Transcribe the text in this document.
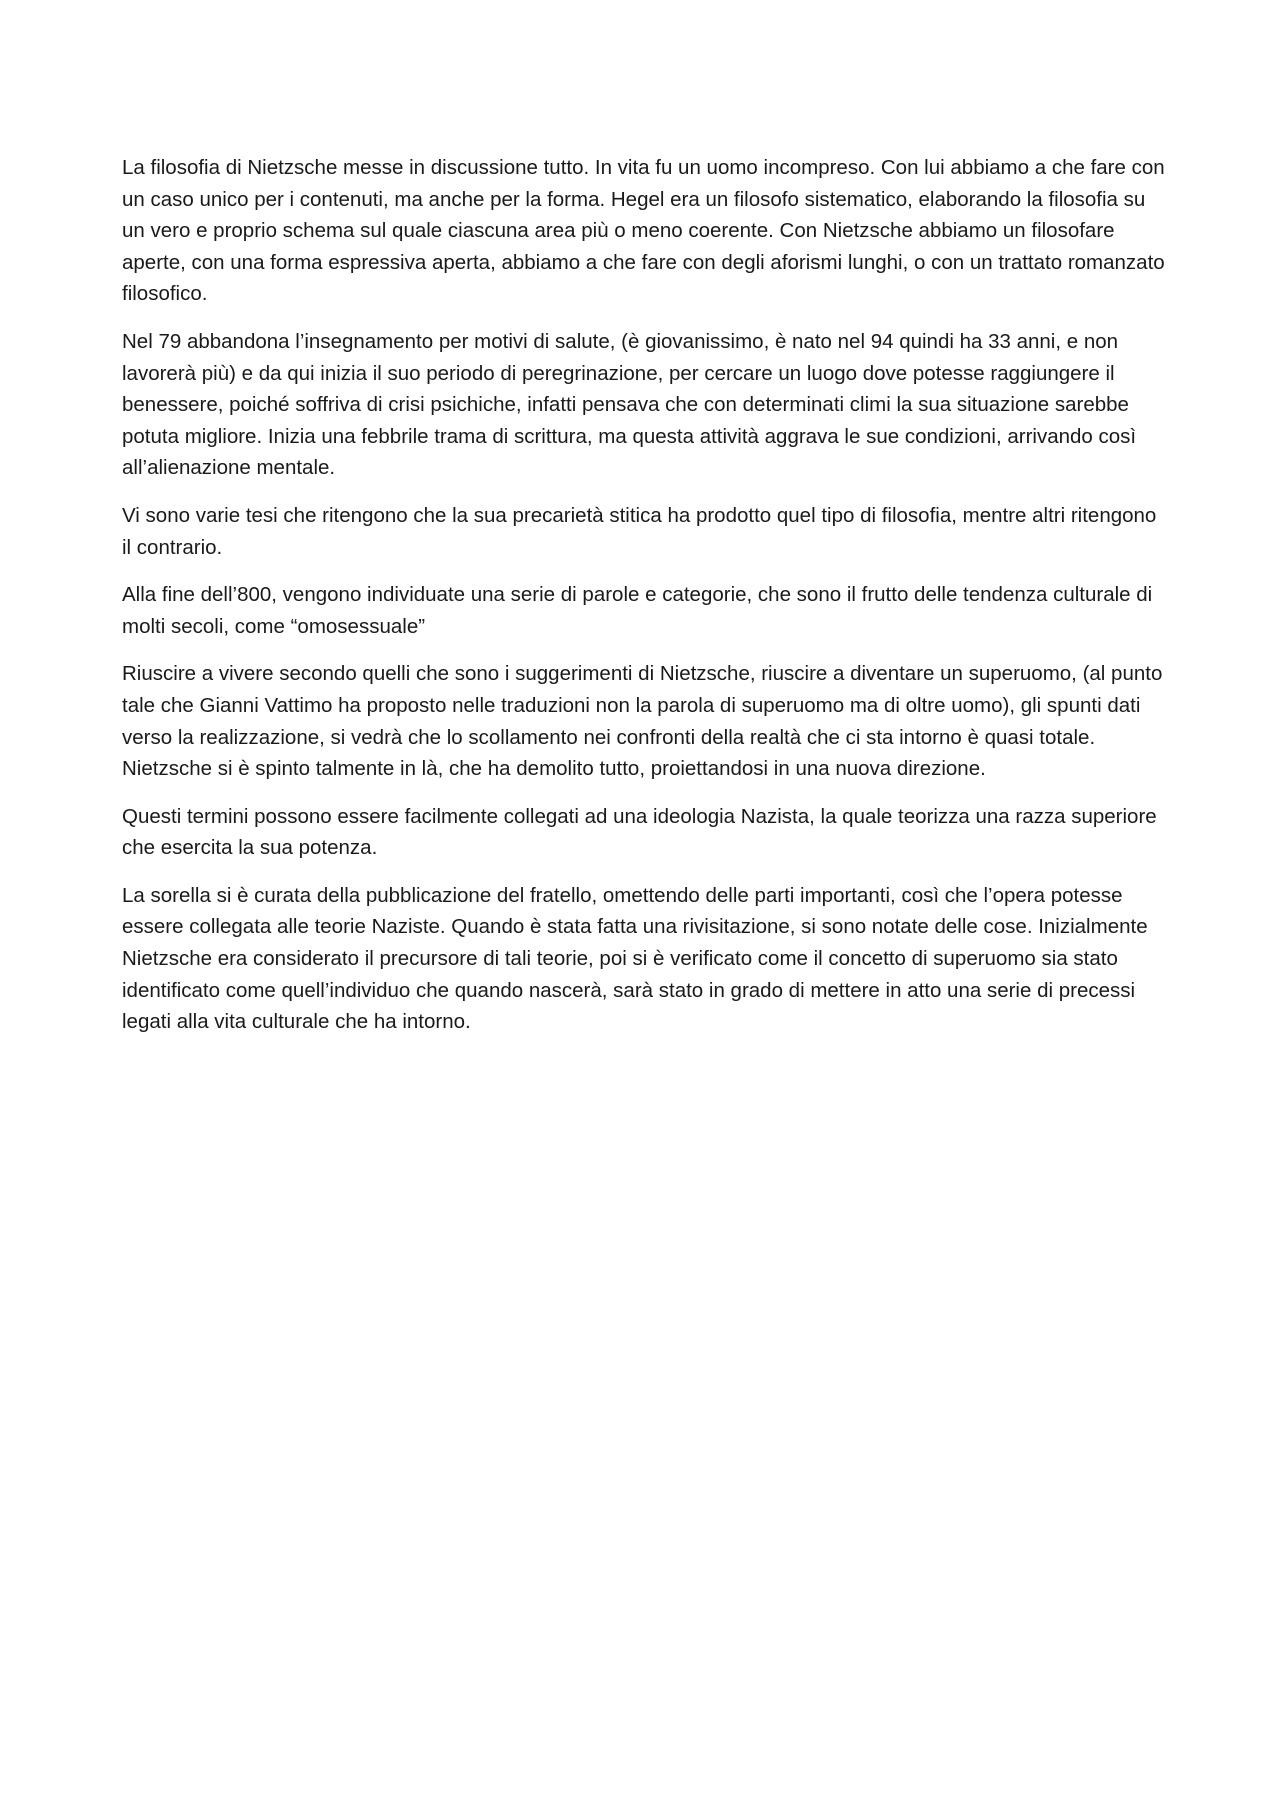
La filosofia di Nietzsche messe in discussione tutto. In vita fu un uomo incompreso. Con lui abbiamo a che fare con un caso unico per i contenuti, ma anche per la forma. Hegel era un filosofo sistematico, elaborando la filosofia su un vero e proprio schema sul quale ciascuna area più o meno coerente. Con Nietzsche abbiamo un filosofare aperte, con una forma espressiva aperta, abbiamo a che fare con degli aforismi lunghi, o con un trattato romanzato filosofico.

Nel 79 abbandona l’insegnamento per motivi di salute, (è giovanissimo, è nato nel 94 quindi ha 33 anni, e non lavorerà più) e da qui inizia il suo periodo di peregrinazione, per cercare un luogo dove potesse raggiungere il benessere, poiché soffriva di crisi psichiche, infatti pensava che con determinati climi la sua situazione sarebbe potuta migliore. Inizia una febbrile trama di scrittura, ma questa attività aggrava le sue condizioni, arrivando così all’alienazione mentale.

Vi sono varie tesi che ritengono che la sua precarietà stitica ha prodotto quel tipo di filosofia, mentre altri ritengono il contrario.

Alla fine dell’800, vengono individuate una serie di parole e categorie, che sono il frutto delle tendenza culturale di molti secoli, come “omosessuale”

Riuscire a vivere secondo quelli che sono i suggerimenti di Nietzsche, riuscire a diventare un superuomo, (al punto tale che Gianni Vattimo ha proposto nelle traduzioni non la parola di superuomo ma di oltre uomo), gli spunti dati verso la realizzazione, si vedrà che lo scollamento nei confronti della realtà che ci sta intorno è quasi totale. Nietzsche si è spinto talmente in là, che ha demolito tutto, proiettandosi in una nuova direzione.

Questi termini possono essere facilmente collegati ad una ideologia Nazista, la quale teorizza una razza superiore che esercita la sua potenza.

La sorella si è curata della pubblicazione del fratello, omettendo delle parti importanti, così che l’opera potesse essere collegata alle teorie Naziste. Quando è stata fatta una rivisitazione, si sono notate delle cose. Inizialmente Nietzsche era considerato il precursore di tali teorie, poi si è verificato come il concetto di superuomo sia stato identificato come quell’individuo che quando nascerà, sarà stato in grado di mettere in atto una serie di precessi legati alla vita culturale che ha intorno.
